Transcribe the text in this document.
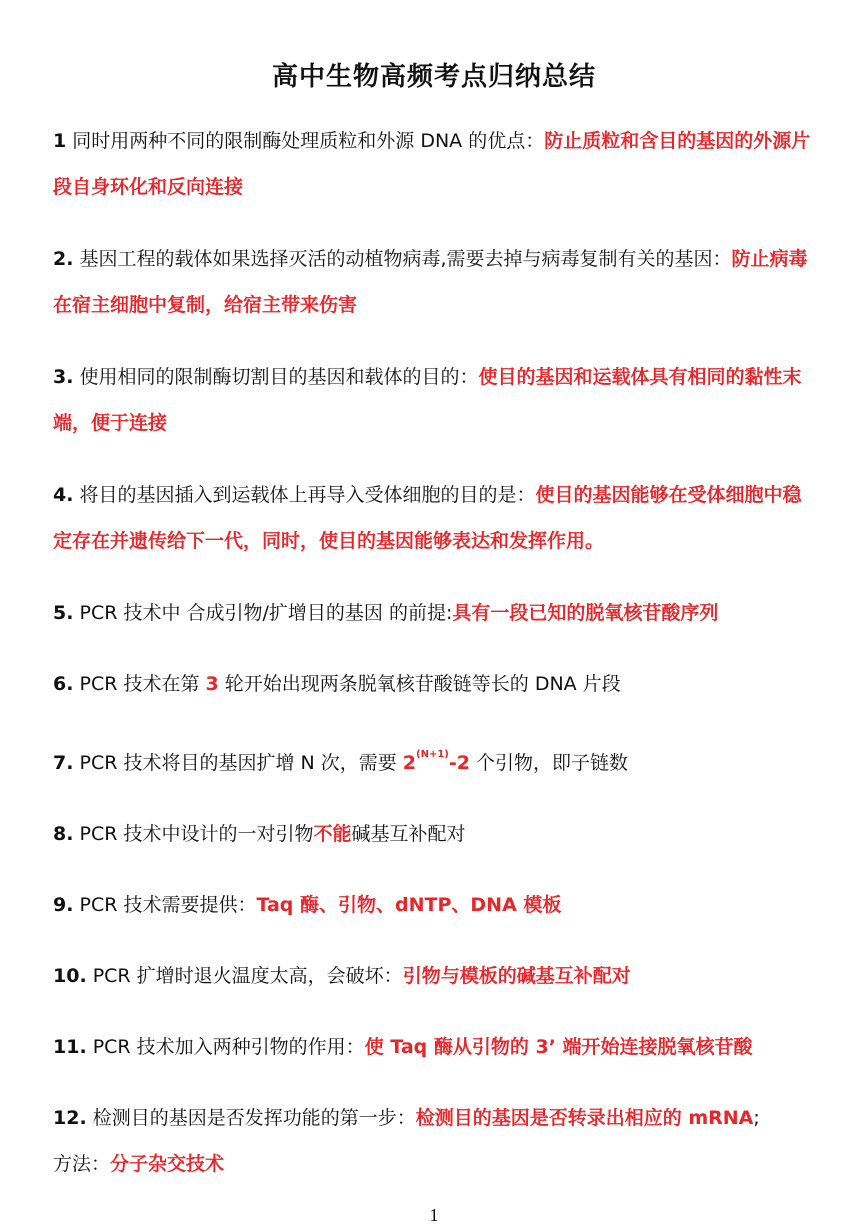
高中生物高频考点归纳总结

1 同时用两种不同的限制酶处理质粒和外源 DNA 的优点：防止质粒和含目的基因的外源片段自身环化和反向连接

2. 基因工程的载体如果选择灭活的动植物病毒,需要去掉与病毒复制有关的基因：防止病毒在宿主细胞中复制，给宿主带来伤害

3. 使用相同的限制酶切割目的基因和载体的目的：使目的基因和运载体具有相同的黏性末端，便于连接

4. 将目的基因插入到运载体上再导入受体细胞的目的是：使目的基因能够在受体细胞中稳定存在并遗传给下一代，同时，使目的基因能够表达和发挥作用。

5. PCR 技术中 合成引物/扩增目的基因 的前提:具有一段已知的脱氧核苷酸序列

6. PCR 技术在第 3 轮开始出现两条脱氧核苷酸链等长的 DNA 片段

7. PCR 技术将目的基因扩增 N 次，需要 $2^{(N+1)}-2$ 个引物，即子链数

8. PCR 技术中设计的一对引物不能碱基互补配对

9. PCR 技术需要提供：Taq 酶、引物、dNTP、DNA 模板

10. PCR 扩增时退火温度太高，会破坏：引物与模板的碱基互补配对

11. PCR 技术加入两种引物的作用：使 Taq 酶从引物的 3’ 端开始连接脱氧核苷酸

12. 检测目的基因是否发挥功能的第一步：检测目的基因是否转录出相应的 mRNA;
方法：分子杂交技术

1
